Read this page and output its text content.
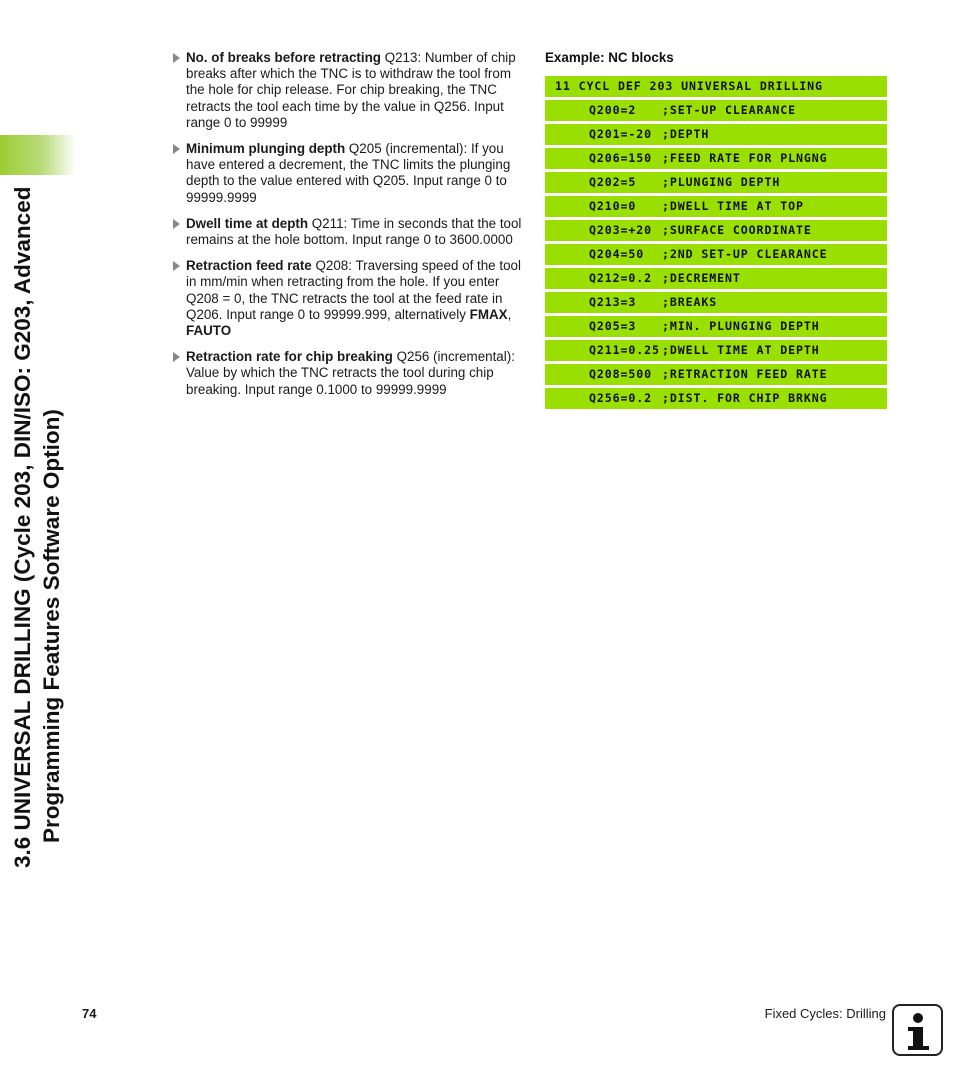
3.6 UNIVERSAL DRILLING (Cycle 203, DIN/ISO: G203, Advanced Programming Features Software Option)
No. of breaks before retracting Q213: Number of chip breaks after which the TNC is to withdraw the tool from the hole for chip release. For chip breaking, the TNC retracts the tool each time by the value in Q256. Input range 0 to 99999
Minimum plunging depth Q205 (incremental): If you have entered a decrement, the TNC limits the plunging depth to the value entered with Q205. Input range 0 to 99999.9999
Dwell time at depth Q211: Time in seconds that the tool remains at the hole bottom. Input range 0 to 3600.0000
Retraction feed rate Q208: Traversing speed of the tool in mm/min when retracting from the hole. If you enter Q208 = 0, the TNC retracts the tool at the feed rate in Q206. Input range 0 to 99999.999, alternatively FMAX, FAUTO
Retraction rate for chip breaking Q256 (incremental): Value by which the TNC retracts the tool during chip breaking. Input range 0.1000 to 99999.9999
Example: NC blocks
11 CYCL DEF 203 UNIVERSAL DRILLING
Q200=2 ;SET-UP CLEARANCE
Q201=-20 ;DEPTH
Q206=150 ;FEED RATE FOR PLNGNG
Q202=5 ;PLUNGING DEPTH
Q210=0 ;DWELL TIME AT TOP
Q203=+20 ;SURFACE COORDINATE
Q204=50 ;2ND SET-UP CLEARANCE
Q212=0.2 ;DECREMENT
Q213=3 ;BREAKS
Q205=3 ;MIN. PLUNGING DEPTH
Q211=0.25 ;DWELL TIME AT DEPTH
Q208=500 ;RETRACTION FEED RATE
Q256=0.2 ;DIST. FOR CHIP BRKNG
74	Fixed Cycles: Drilling
